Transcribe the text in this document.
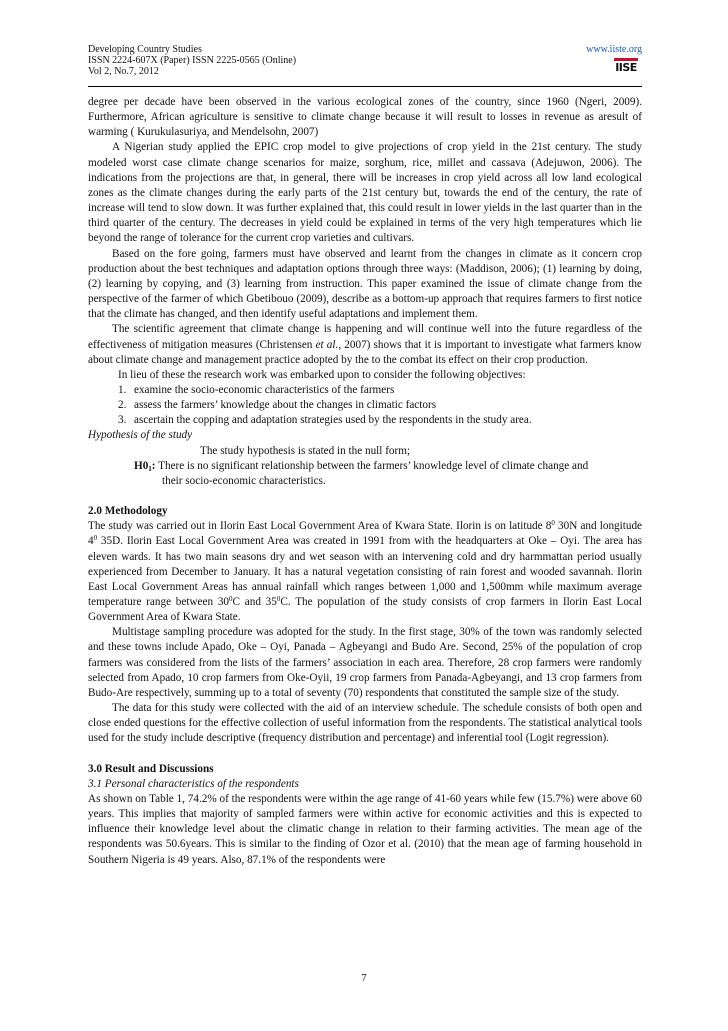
Developing Country Studies
ISSN 2224-607X (Paper) ISSN 2225-0565 (Online)
Vol 2, No.7, 2012
www.iiste.org
IISE

degree per decade have been observed in the various ecological zones of the country, since 1960 (Ngeri, 2009). Furthermore, African agriculture is sensitive to climate change because it will result to losses in revenue as aresult of warming ( Kurukulasuriya, and Mendelsohn, 2007)

A Nigerian study applied the EPIC crop model to give projections of crop yield in the 21st century. The study modeled worst case climate change scenarios for maize, sorghum, rice, millet and cassava (Adejuwon, 2006). The indications from the projections are that, in general, there will be increases in crop yield across all low land ecological zones as the climate changes during the early parts of the 21st century but, towards the end of the century, the rate of increase will tend to slow down. It was further explained that, this could result in lower yields in the last quarter than in the third quarter of the century. The decreases in yield could be explained in terms of the very high temperatures which lie beyond the range of tolerance for the current crop varieties and cultivars.

Based on the fore going, farmers must have observed and learnt from the changes in climate as it concern crop production about the best techniques and adaptation options through three ways: (Maddison, 2006); (1) learning by doing, (2) learning by copying, and (3) learning from instruction. This paper examined the issue of climate change from the perspective of the farmer of which Gbetibouo (2009), describe as a bottom-up approach that requires farmers to first notice that the climate has changed, and then identify useful adaptations and implement them.

The scientific agreement that climate change is happening and will continue well into the future regardless of the effectiveness of mitigation measures (Christensen et al., 2007) shows that it is important to investigate what farmers know about climate change and management practice adopted by the to the combat its effect on their crop production.

In lieu of these the research work was embarked upon to consider the following objectives:

1. examine the socio-economic characteristics of the farmers
2. assess the farmers’ knowledge about the changes in climatic factors
3. ascertain the copping and adaptation strategies used by the respondents in the study area.

Hypothesis of the study

The study hypothesis is stated in the null form;

$H0_1$: There is no significant relationship between the farmers’ knowledge level of climate change and

their socio-economic characteristics.

2.0 Methodology

The study was carried out in Ilorin East Local Government Area of Kwara State. Ilorin is on latitude $8^0$ 30N and longitude $4^0$ 35D. Ilorin East Local Government Area was created in 1991 from with the headquarters at Oke – Oyi. The area has eleven wards. It has two main seasons dry and wet season with an intervening cold and dry harmmattan period usually experienced from December to January. It has a natural vegetation consisting of rain forest and wooded savannah. Ilorin East Local Government Areas has annual rainfall which ranges between 1,000 and 1,500mm while maximum average temperature range between $30^0C$ and $35^0C$. The population of the study consists of crop farmers in Ilorin East Local Government Area of Kwara State.

Multistage sampling procedure was adopted for the study. In the first stage, 30% of the town was randomly selected and these towns include Apado, Oke – Oyi, Panada – Agbeyangi and Budo Are. Second, 25% of the population of crop farmers was considered from the lists of the farmers’ association in each area. Therefore, 28 crop farmers were randomly selected from Apado, 10 crop farmers from Oke-Oyii, 19 crop farmers from Panada-Agbeyangi, and 13 crop farmers from Budo-Are respectively, summing up to a total of seventy (70) respondents that constituted the sample size of the study.

The data for this study were collected with the aid of an interview schedule. The schedule consists of both open and close ended questions for the effective collection of useful information from the respondents. The statistical analytical tools used for the study include descriptive (frequency distribution and percentage) and inferential tool (Logit regression).

3.0 Result and Discussions

3.1 Personal characteristics of the respondents

As shown on Table 1, 74.2% of the respondents were within the age range of 41-60 years while few (15.7%) were above 60 years. This implies that majority of sampled farmers were within active for economic activities and this is expected to influence their knowledge level about the climatic change in relation to their farming activities. The mean age of the respondents was 50.6years. This is similar to the finding of Ozor et al. (2010) that the mean age of farming household in Southern Nigeria is 49 years. Also, 87.1% of the respondents were

7
